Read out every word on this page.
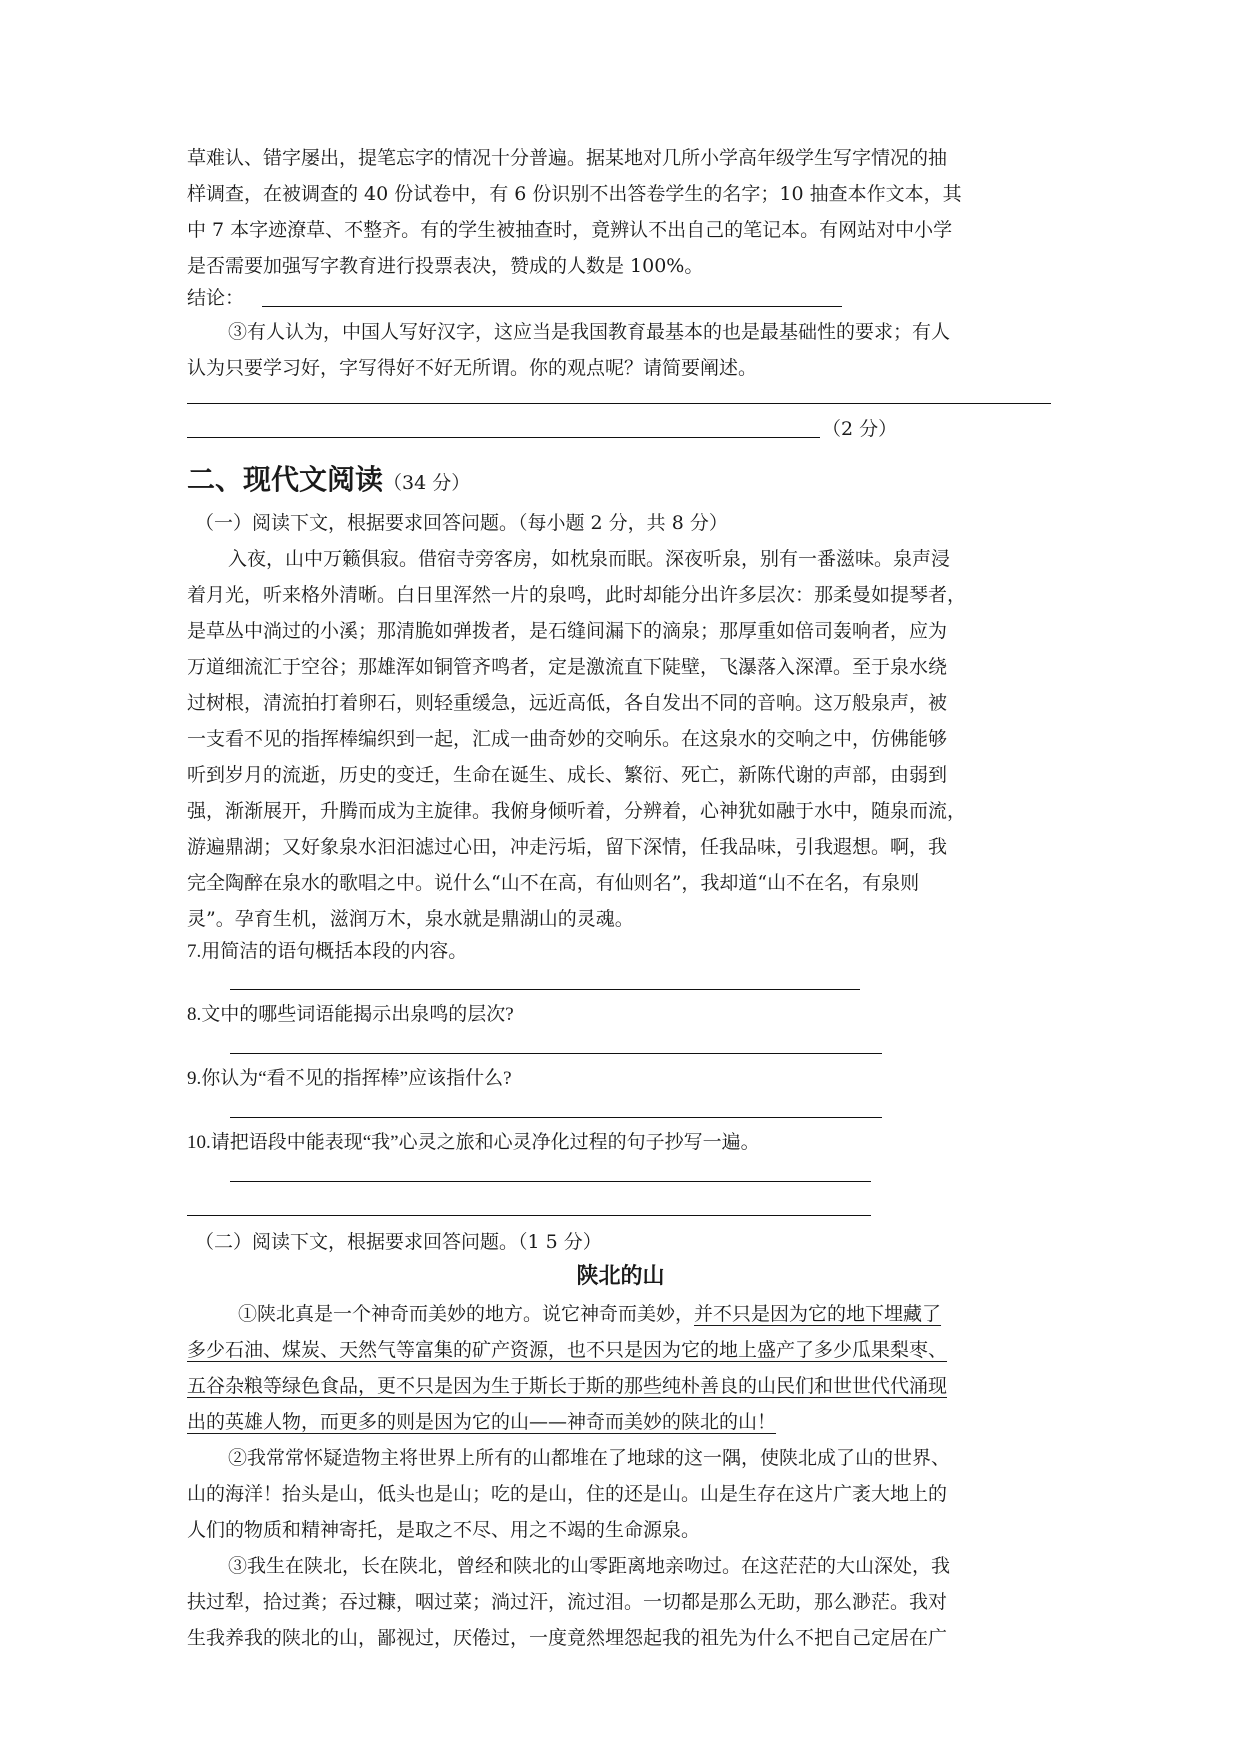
草难认、错字屡出，提笔忘字的情况十分普遍。据某地对几所小学高年级学生写字情况的抽
样调查，在被调查的 40 份试卷中，有 6 份识别不出答卷学生的名字；10 抽查本作文本，其
中 7 本字迹潦草、不整齐。有的学生被抽查时，竟辨认不出自己的笔记本。有网站对中小学
是否需要加强写字教育进行投票表决，赞成的人数是 100%。
结论：
③有人认为，中国人写好汉字，这应当是我国教育最基本的也是最基础性的要求；有人
认为只要学习好，字写得好不好无所谓。你的观点呢？请简要阐述。
（2 分）
二、现代文阅读（34 分）
（一）阅读下文，根据要求回答问题。（每小题 2 分，共 8 分）
入夜，山中万籁俱寂。借宿寺旁客房，如枕泉而眠。深夜听泉，别有一番滋味。泉声浸
着月光，听来格外清晰。白日里浑然一片的泉鸣，此时却能分出许多层次：那柔曼如提琴者，
是草丛中淌过的小溪；那清脆如弹拨者，是石缝间漏下的滴泉；那厚重如倍司轰响者，应为
万道细流汇于空谷；那雄浑如铜管齐鸣者，定是激流直下陡壁，飞瀑落入深潭。至于泉水绕
过树根，清流拍打着卵石，则轻重缓急，远近高低，各自发出不同的音响。这万般泉声，被
一支看不见的指挥棒编织到一起，汇成一曲奇妙的交响乐。在这泉水的交响之中，仿佛能够
听到岁月的流逝，历史的变迁，生命在诞生、成长、繁衍、死亡，新陈代谢的声部，由弱到
强，渐渐展开，升腾而成为主旋律。我俯身倾听着，分辨着，心神犹如融于水中，随泉而流，
游遍鼎湖；又好象泉水汩汩滤过心田，冲走污垢，留下深情，任我品味，引我遐想。啊，我
完全陶醉在泉水的歌唱之中。说什么“山不在高，有仙则名”，我却道“山不在名，有泉则
灵”。孕育生机，滋润万木，泉水就是鼎湖山的灵魂。
7.用简洁的语句概括本段的内容。
8.文中的哪些词语能揭示出泉鸣的层次?
9.你认为“看不见的指挥棒”应该指什么?
10.请把语段中能表现“我”心灵之旅和心灵净化过程的句子抄写一遍。
（二）阅读下文，根据要求回答问题。（1 5 分）
陕北的山
①陕北真是一个神奇而美妙的地方。说它神奇而美妙，并不只是因为它的地下埋藏了
多少石油、煤炭、天然气等富集的矿产资源，也不只是因为它的地上盛产了多少瓜果梨枣、
五谷杂粮等绿色食品，更不只是因为生于斯长于斯的那些纯朴善良的山民们和世世代代涌现
出的英雄人物，而更多的则是因为它的山——神奇而美妙的陕北的山！
②我常常怀疑造物主将世界上所有的山都堆在了地球的这一隅，使陕北成了山的世界、
山的海洋！抬头是山，低头也是山；吃的是山，住的还是山。山是生存在这片广袤大地上的
人们的物质和精神寄托，是取之不尽、用之不竭的生命源泉。
③我生在陕北，长在陕北，曾经和陕北的山零距离地亲吻过。在这茫茫的大山深处，我
扶过犁，拾过粪；吞过糠，咽过菜；淌过汗，流过泪。一切都是那么无助，那么渺茫。我对
生我养我的陕北的山，鄙视过，厌倦过，一度竟然埋怨起我的祖先为什么不把自己定居在广
